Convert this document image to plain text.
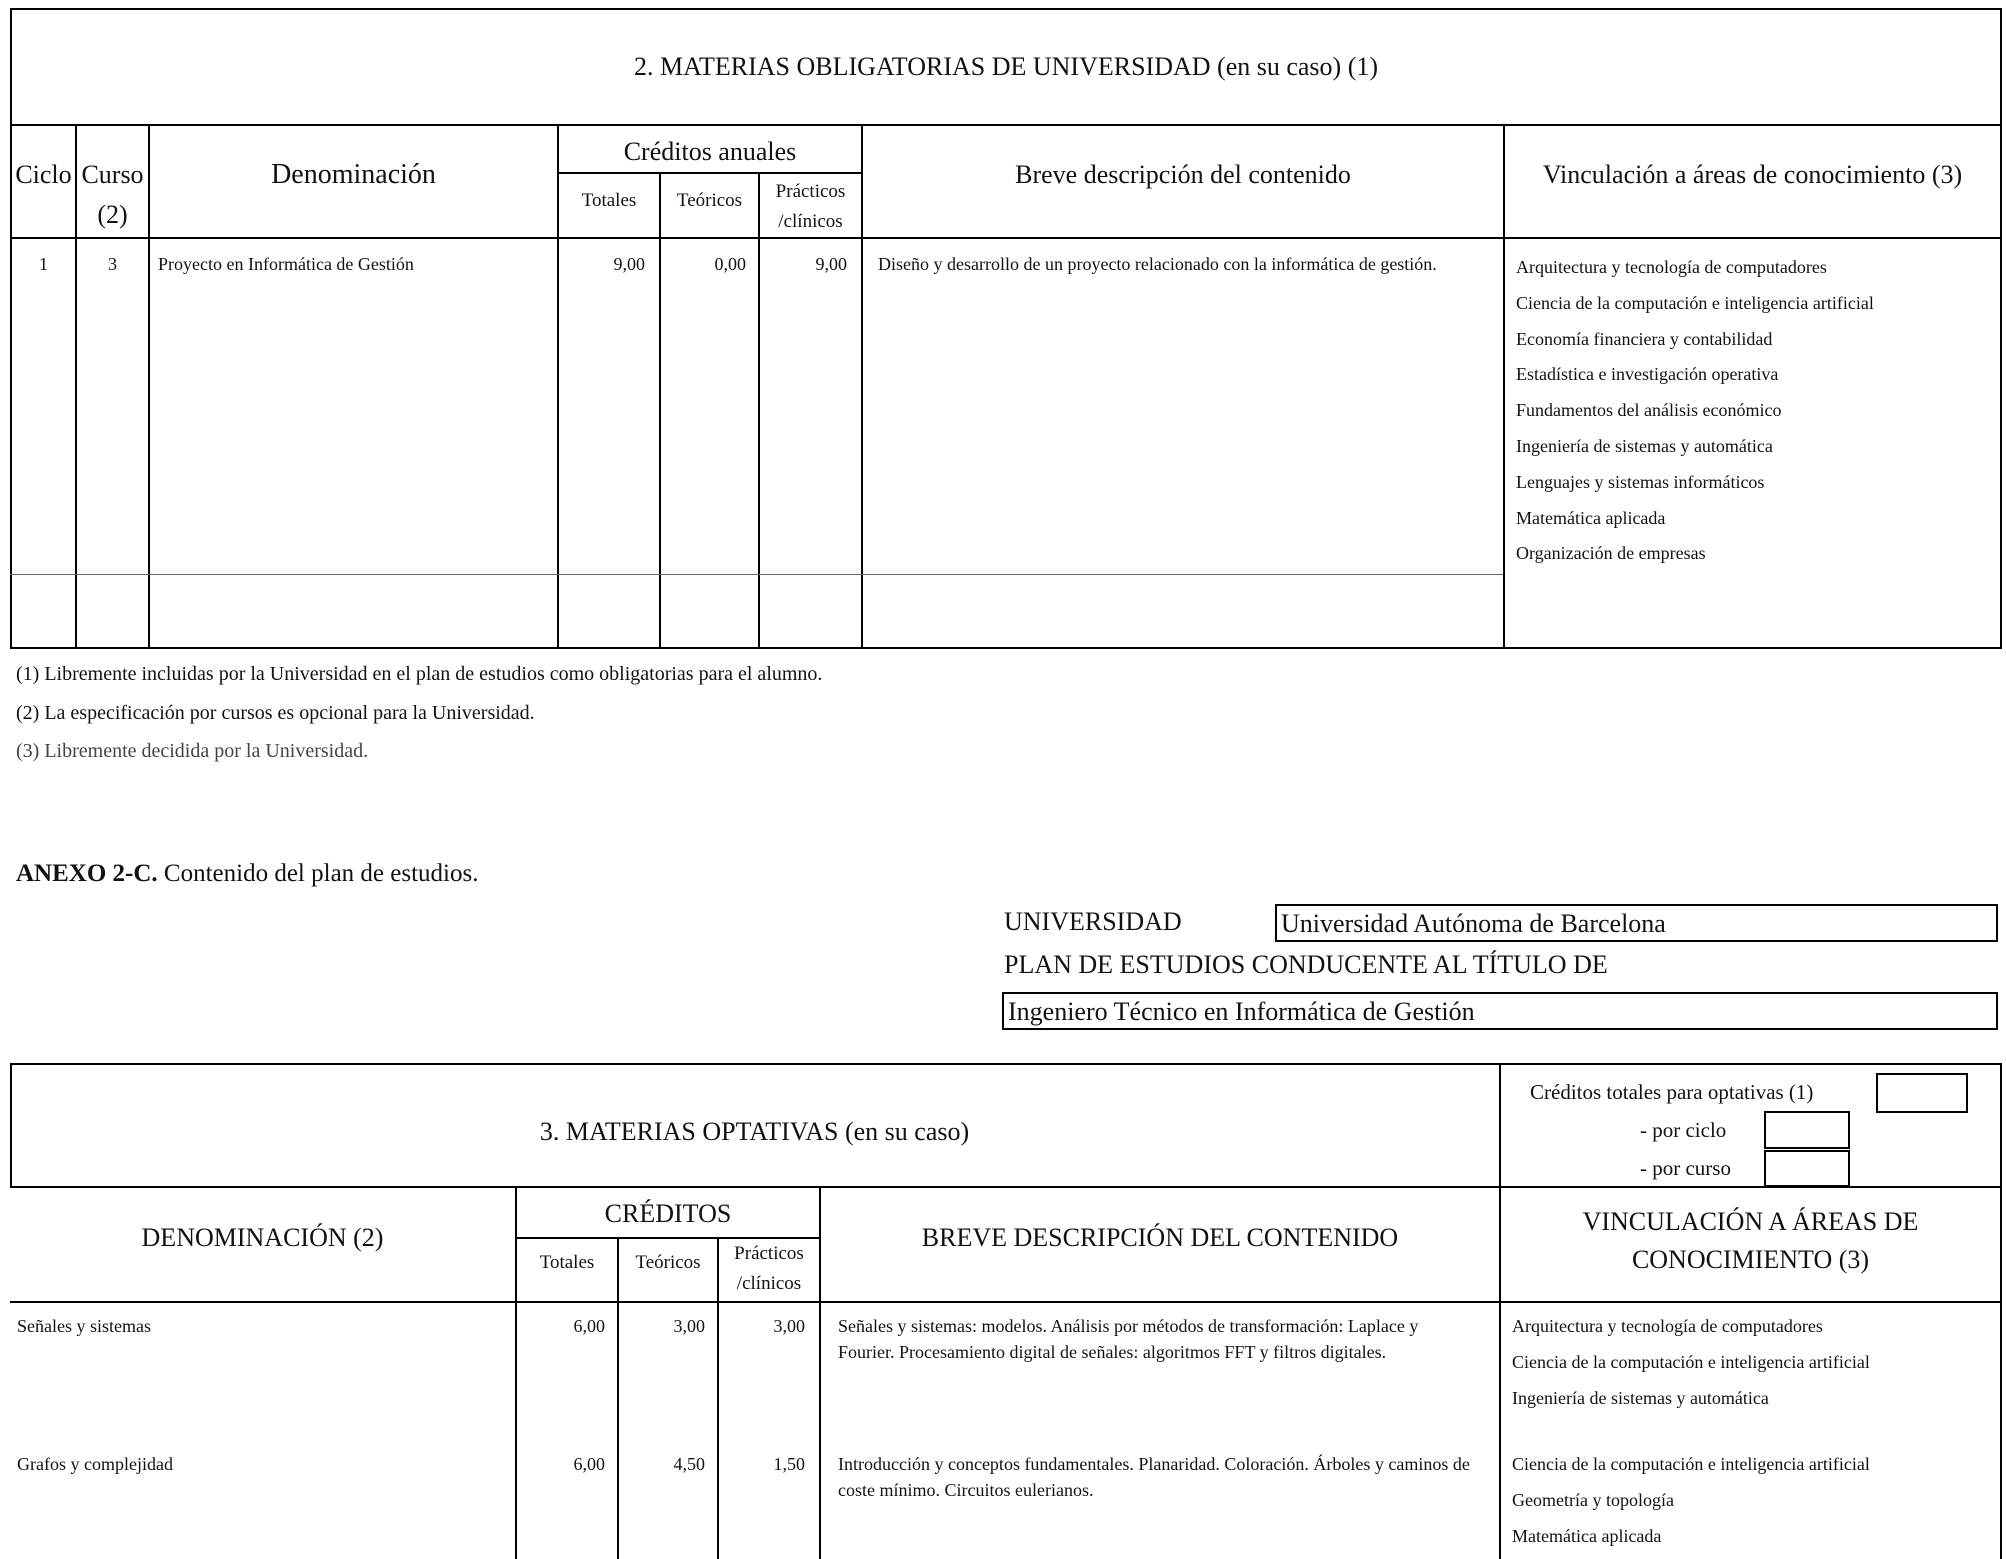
2. MATERIAS OBLIGATORIAS DE UNIVERSIDAD (en su caso) (1)
Ciclo Curso
(2)
Denominación
Créditos anuales
Totales	Teóricos	Prácticos
/clínicos
Breve descripción del contenido	Vinculación a áreas de conocimiento (3)
1	3	Proyecto en Informática de Gestión	9,00	0,00	9,00 Diseño y desarrollo de un proyecto relacionado con la informática de gestión.	Arquitectura y tecnología de computadores
Ciencia de la computación e inteligencia artificial
Economía financiera y contabilidad
Estadística e investigación operativa
Fundamentos del análisis económico
Ingeniería de sistemas y automática
Lenguajes y sistemas informáticos
Matemática aplicada
Organización de empresas
(1) Libremente incluidas por la Universidad en el plan de estudios como obligatorias para el alumno.
(2) La especificación por cursos es opcional para la Universidad.
(3) Libremente decidida por la Universidad.
ANEXO 2-C. Contenido del plan de estudios.
UNIVERSIDAD	Universidad Autónoma de Barcelona
PLAN DE ESTUDIOS CONDUCENTE AL TÍTULO DE
Ingeniero Técnico en Informática de Gestión
3. MATERIAS OPTATIVAS (en su caso)
Créditos totales para optativas (1)
- por ciclo
- por curso
DENOMINACIÓN (2)
CRÉDITOS
Totales	Teóricos	Prácticos
/clínicos
BREVE DESCRIPCIÓN DEL CONTENIDO
VINCULACIÓN A ÁREAS DE
CONOCIMIENTO (3)
Señales y sistemas	6,00	3,00	3,00 Señales y sistemas: modelos. Análisis por métodos de transformación: Laplace y Fourier. Procesamiento digital de señales: algoritmos FFT y filtros digitales.
Arquitectura y tecnología de computadores
Ciencia de la computación e inteligencia artificial
Ingeniería de sistemas y automática
Grafos y complejidad	6,00	4,50	1,50 Introducción y conceptos fundamentales. Planaridad. Coloración. Árboles y caminos de coste mínimo. Circuitos eulerianos.
Ciencia de la computación e inteligencia artificial
Geometría y topología
Matemática aplicada
